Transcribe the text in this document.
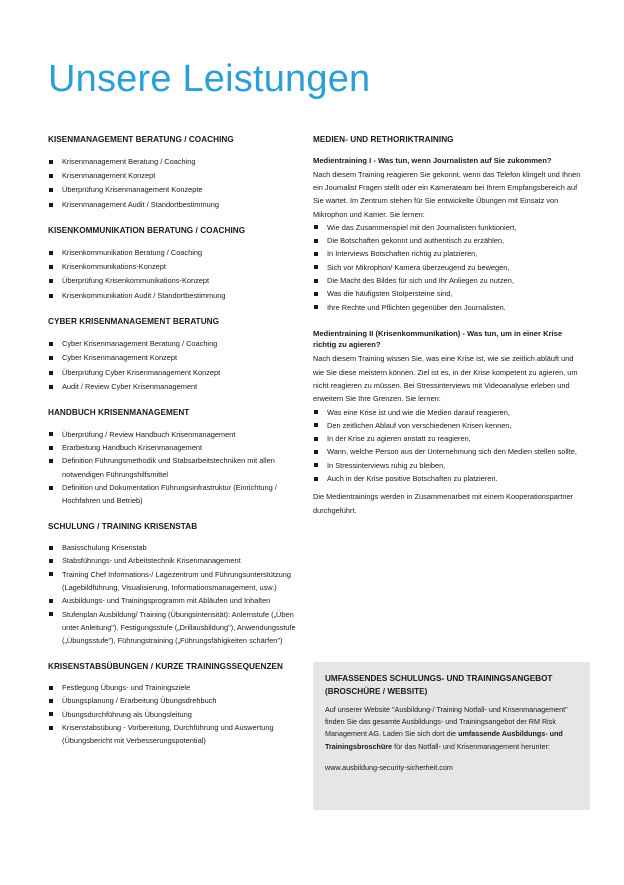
Unsere Leistungen
KISENMANAGEMENT BERATUNG / COACHING
Krisenmanagement Beratung / Coaching
Krisenmanagement Konzept
Überprüfung Krisenmanagement Konzepte
Krisenmanagement Audit / Standortbestimmung
KISENKOMMUNIKATION BERATUNG / COACHING
Krisenkommunikation Beratung / Coaching
Krisenkommunikations-Konzept
Überprüfung Krisenkommunikations-Konzept
Krisenkommunikation Audit / Standortbestimmung
CYBER KRISENMANAGEMENT BERATUNG
Cyber Krisenmanagement Beratung / Coaching
Cyber Krisenmanagement Konzept
Überprüfung Cyber Krisenmanagement Konzept
Audit / Review Cyber Krisenmanagement
HANDBUCH KRISENMANAGEMENT
Überprüfung / Review Handbuch Krisenmanagement
Erarbeitung Handbuch Krisenmanagement
Definition Führungsmethodik und Stabsarbeitstechniken mit allen notwendigen Führungshilfsmittel
Definition und Dokumentation Führungsinfrastruktur (Einrichtung / Hochfahren und Betrieb)
SCHULUNG / TRAINING KRISENSTAB
Basisschulung Krisenstab
Stabsführungs- und Arbeitstechnik Krisenmanagement
Training Chef Informations-/ Lagezentrum und Führungsunterstützung (Lagebildführung, Visualisierung, Informationsmanagement, usw.)
Ausbildungs- und Trainingsprogramm mit Abläufen und Inhalten
Stufenplan Ausbildung/ Training (Übungsintensität): Anlernstufe („Üben unter Anleitung"), Festigungsstufe („Drillausbildung"), Anwendungsstufe („Übungsstufe"), Führungstraining („Führungsfähigkeiten schärfen")
KRISENSTABSÜBUNGEN / KURZE TRAININGSSEQUENZEN
Festlegung Übungs- und Trainingsziele
Übungsplanung / Erarbeitung Übungsdrehbuch
Übungsdurchführung als Übungsleitung
Krisenstabsübung - Vorbereitung, Durchführung und Auswertung (Übungsbericht mit Verbesserungspotential)
MEDIEN- UND RETHORIKTRAINING
Medientraining I - Was tun, wenn Journalisten auf Sie zukommen?

Nach diesem Training reagieren Sie gekonnt, wenn das Telefon klingelt und Ihnen ein Journalist Fragen stellt oder ein Kamerateam bei Ihrem Empfangsbereich auf Sie wartet. Im Zentrum stehen für Sie entwickelte Übungen mit Einsatz von Mikrophon und Kamer. Sie lernen:

Wie das Zusammenspiel mit den Journalisten funktioniert,
Die Botschaften gekonnt und authentisch zu erzählen,
In Interviews Botschaften richtig zu platzieren,
Sich vor Mikrophon/ Kamera überzeugend zu bewegen,
Die Macht des Bildes für sich und Ihr Anliegen zu nutzen,
Was die häufigsten Stolpersteine sind,
Ihre Rechte und Pflichten gegenüber den Journalisten.
Medientraining II (Krisenkommunikation) - Was tun, um in einer Krise richtig zu agieren?

Nach diesem Training wissen Sie, was eine Krise ist, wie sie zeitlich abläuft und wie Sie diese meistern können. Ziel ist es, in der Krise kompetent zu agieren, um nicht reagieren zu müssen. Bei Stressinterviews mit Videoanalyse erleben und erweitern Sie Ihre Grenzen. Sie lernen:

Was eine Krise ist und wie die Medien darauf reagieren,
Den zeitlichen Ablauf von verschiedenen Krisen kennen,
In der Krise zu agieren anstatt zu reagieren,
Wann, welche Person aus der Unternehmung sich den Medien stellen sollte,
In Stressinterviews ruhig zu bleiben,
Auch in der Krise positive Botschaften zu platzieren.

Die Medientrainings werden in Zusammenarbeit mit einem Kooperationspartner durchgeführt.

UMFASSENDES SCHULUNGS- UND TRAININGSANGEBOT (BROSCHÜRE / WEBSITE)

Auf unserer Website "Ausbildung-/ Training Notfall- und Krisenmanagement" finden Sie das gesamte Ausbildungs- und Trainingsangebot der RM Risk Management AG. Laden Sie sich dort die umfassende Ausbildungs- und Trainingsbroschüre für das Notfall- und Krisenmanagement herunter:

www.ausbildung-security-sicherheit.com
